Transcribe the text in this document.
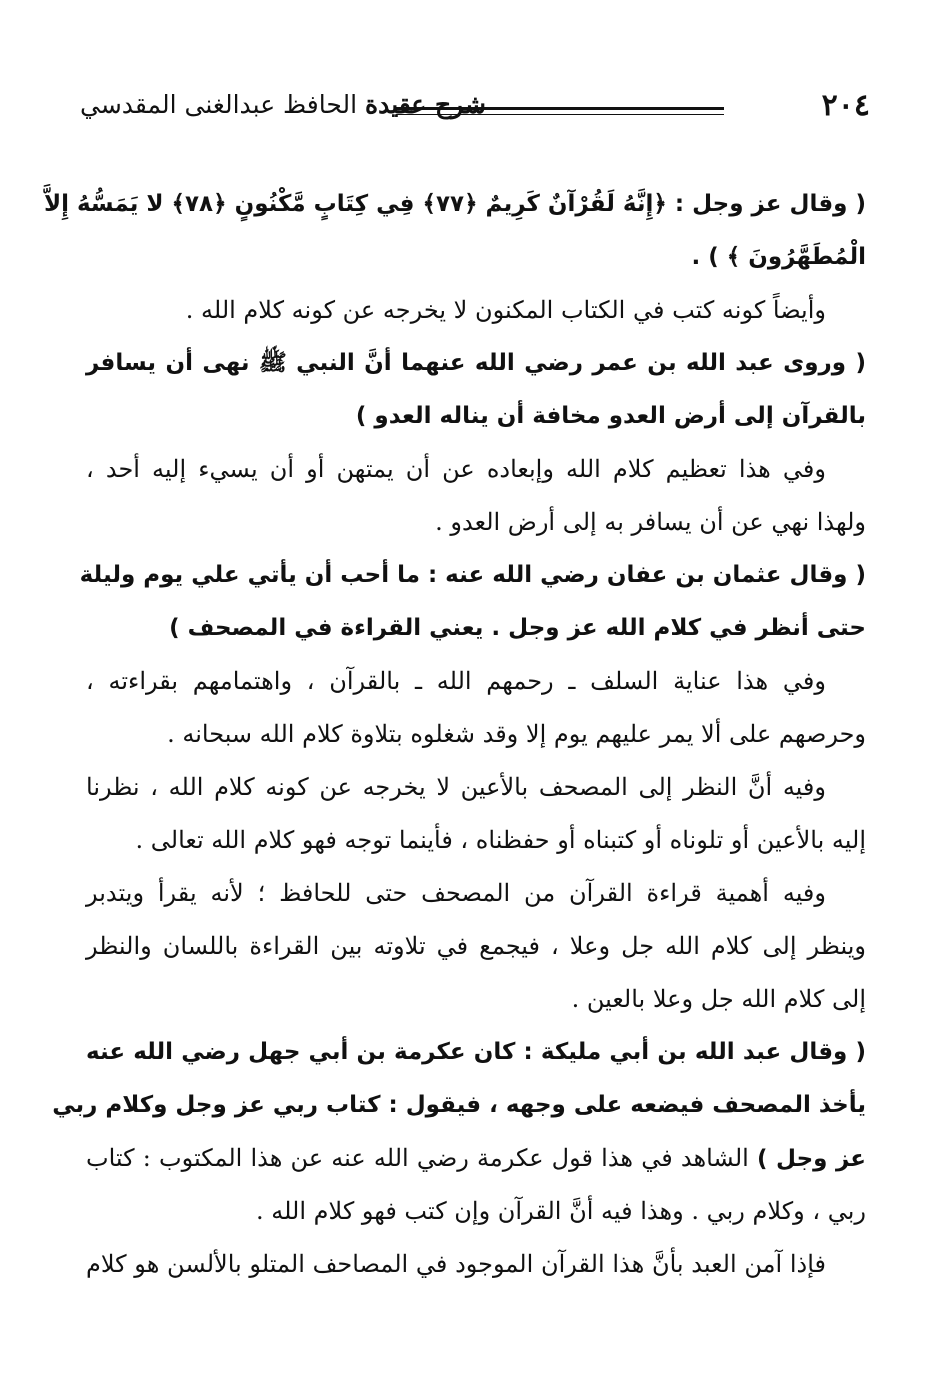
٢٠٤
شرح عقيدة الحافظ عبدالغنى المقدسي
( وقال عز وجل : ﴿إِنَّهُ لَقُرْآنٌ كَرِيمٌ ﴿٧٧﴾ فِي كِتَابٍ مَّكْنُونٍ ﴿٧٨﴾ لا يَمَسُّهُ إِلاَّ
الْمُطَهَّرُونَ ﴾ ) .
وأيضاً كونه كتب في الكتاب المكنون لا يخرجه عن كونه كلام الله .
( وروى عبد الله بن عمر رضي الله عنهما أنَّ النبي ﷺ نهى أن يسافر
بالقرآن إلى أرض العدو مخافة أن يناله العدو )
وفي هذا تعظيم كلام الله وإبعاده عن أن يمتهن أو أن يسيء إليه أحد ،
ولهذا نهي عن أن يسافر به إلى أرض العدو .
( وقال عثمان بن عفان رضي الله عنه : ما أحب أن يأتي علي يوم وليلة
حتى أنظر في كلام الله عز وجل . يعني القراءة في المصحف )
وفي هذا عناية السلف ـ رحمهم الله ـ بالقرآن ، واهتمامهم بقراءته ،
وحرصهم على ألا يمر عليهم يوم إلا وقد شغلوه بتلاوة كلام الله سبحانه .
وفيه أنَّ النظر إلى المصحف بالأعين لا يخرجه عن كونه كلام الله ، نظرنا
إليه بالأعين أو تلوناه أو كتبناه أو حفظناه ، فأينما توجه فهو كلام الله تعالى .
وفيه أهمية قراءة القرآن من المصحف حتى للحافظ ؛ لأنه يقرأ ويتدبر
وينظر إلى كلام الله جل وعلا ، فيجمع في تلاوته بين القراءة باللسان والنظر
إلى كلام الله جل وعلا بالعين .
( وقال عبد الله بن أبي مليكة : كان عكرمة بن أبي جهل رضي الله عنه
يأخذ المصحف فيضعه على وجهه ، فيقول : كتاب ربي عز وجل وكلام ربي
عز وجل ) الشاهد في هذا قول عكرمة رضي الله عنه عن هذا المكتوب : كتاب
ربي ، وكلام ربي . وهذا فيه أنَّ القرآن وإن كتب فهو كلام الله .
فإذا آمن العبد بأنَّ هذا القرآن الموجود في المصاحف المتلو بالألسن هو كلام
